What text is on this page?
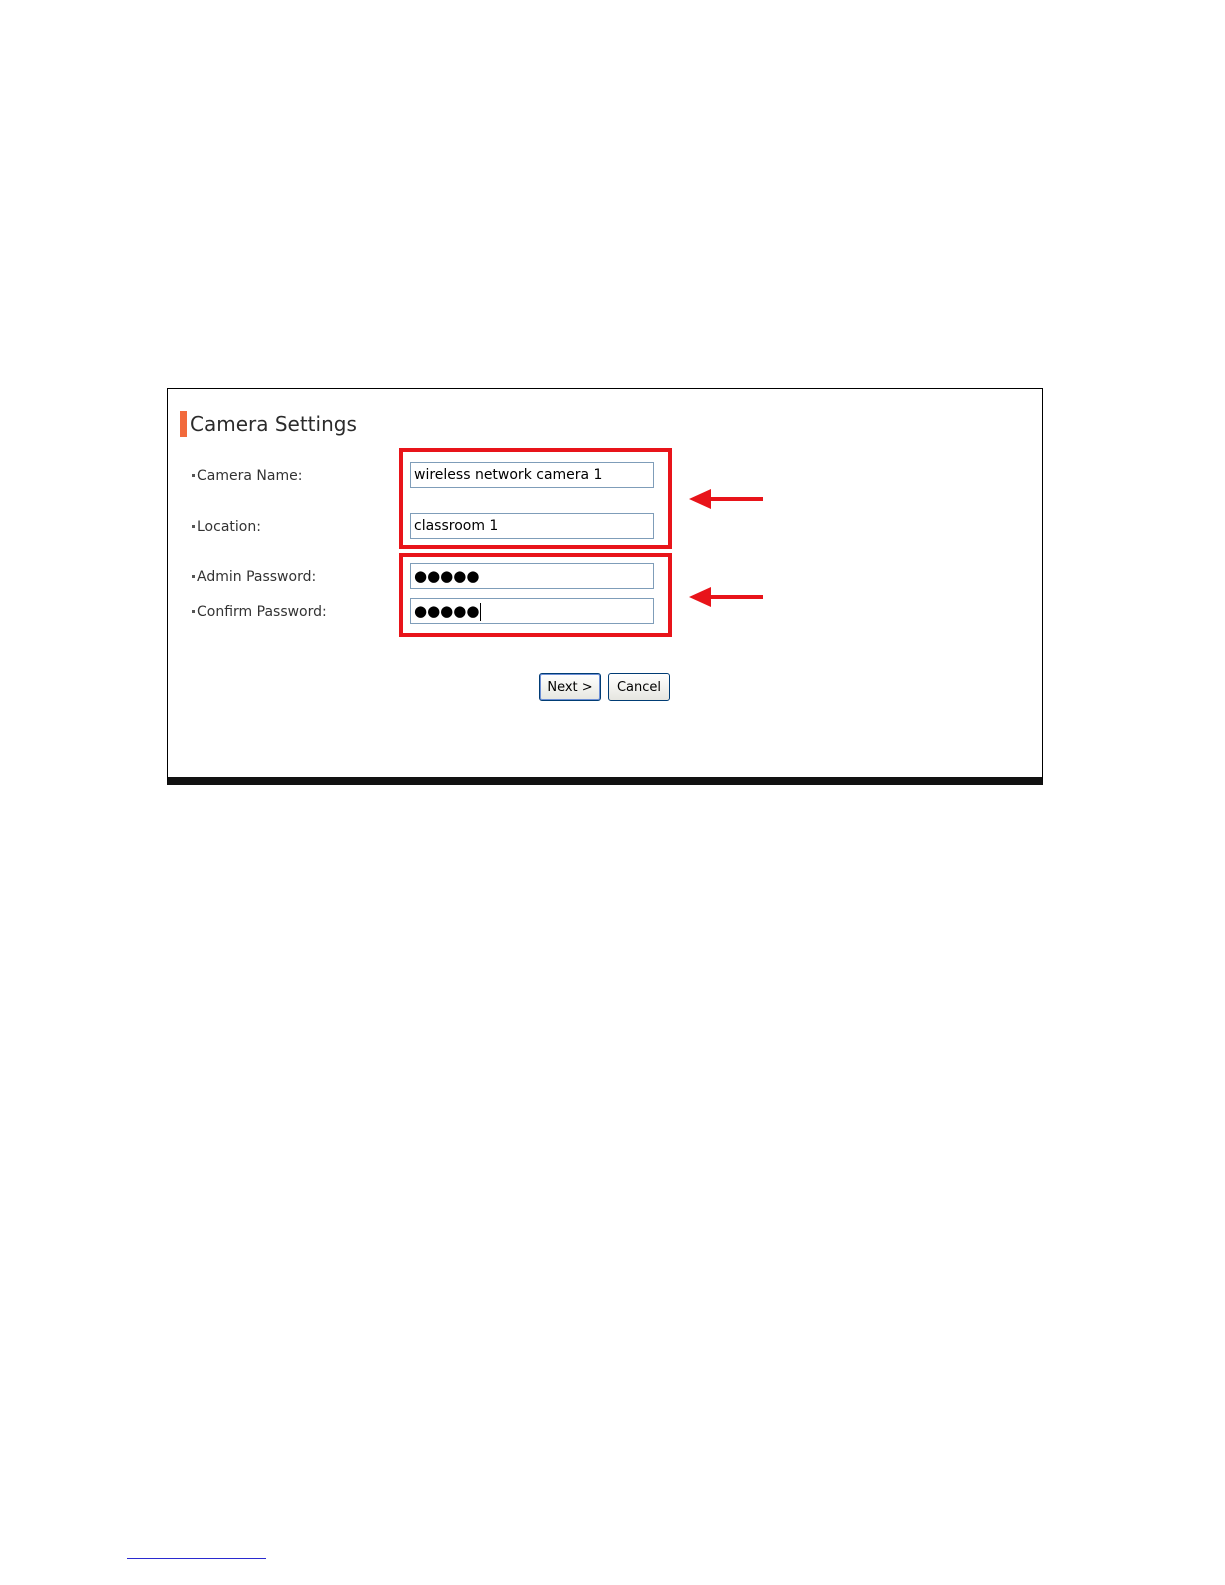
Camera Settings
Camera Name:	wireless network camera 1
Location:	classroom 1
Admin Password:	●●●●●
Confirm Password:	●●●●●
Next >	Cancel
